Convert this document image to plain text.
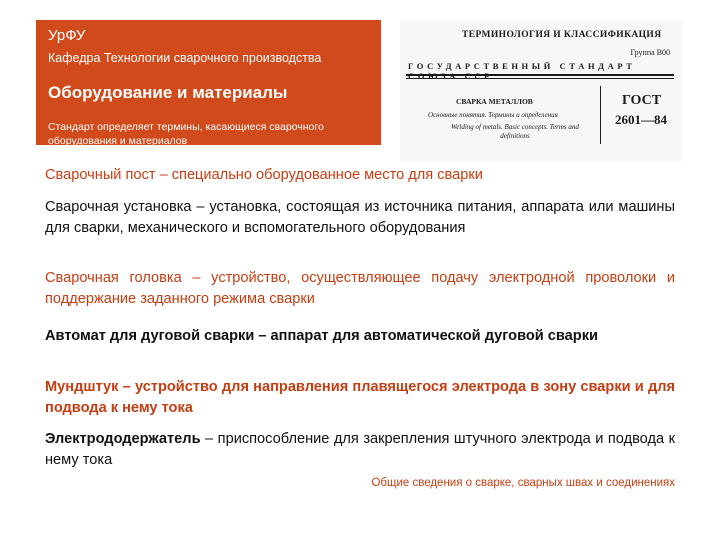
УрФУ
Кафедра Технологии сварочного производства
Оборудование и материалы
Стандарт определяет термины, касающиеся сварочного оборудования и материалов
ТЕРМИНОЛОГИЯ И КЛАССИФИКАЦИЯ
Группа В00
ГОСУДАРСТВЕННЫЙ СТАНДАРТ СОЮЗА ССР
СВАРКА МЕТАЛЛОВ
Основные понятия. Термины и определения
Welding of metals. Basic concepts. Terms and definitions
ГОСТ
2601—84
Сварочный пост – специально оборудованное место для сварки
Сварочная установка – установка, состоящая из источника питания, аппарата или машины для сварки, механического и вспомогательного оборудования
Сварочная головка – устройство, осуществляющее подачу электродной проволоки и поддержание заданного режима сварки
Автомат для дуговой сварки – аппарат для автоматической дуговой сварки
Мундштук – устройство для направления плавящегося электрода в зону сварки и для подвода к нему тока
Электрододержатель – приспособление для закрепления штучного электрода и подвода к нему тока
Общие сведения о сварке, сварных швах и соединениях
